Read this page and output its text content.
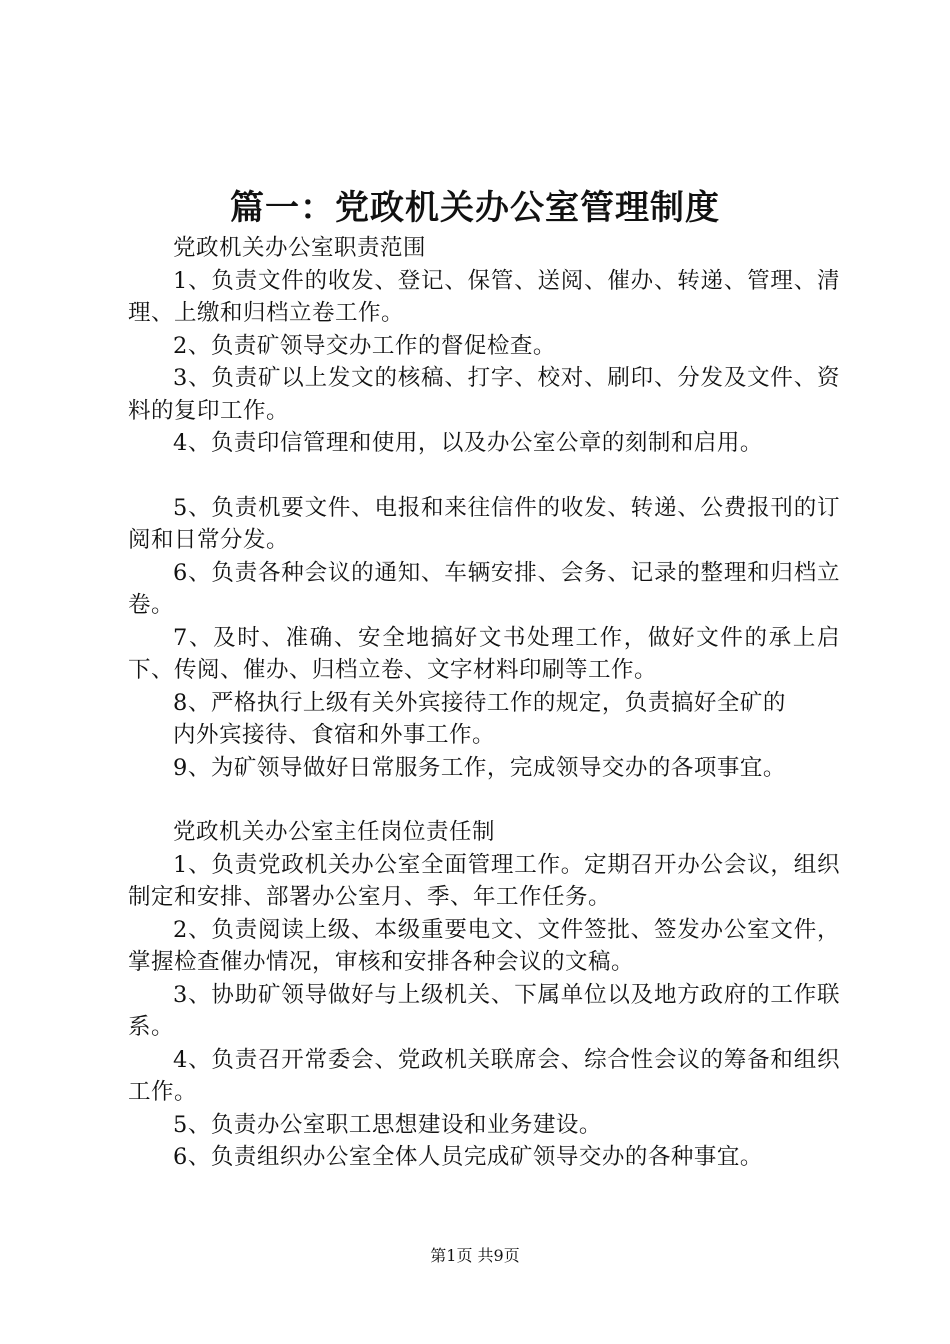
篇一：党政机关办公室管理制度

党政机关办公室职责范围

1、负责文件的收发、登记、保管、送阅、催办、转递、管理、清理、上缴和归档立卷工作。

2、负责矿领导交办工作的督促检查。

3、负责矿以上发文的核稿、打字、校对、刷印、分发及文件、资料的复印工作。

4、负责印信管理和使用，以及办公室公章的刻制和启用。

5、负责机要文件、电报和来往信件的收发、转递、公费报刊的订阅和日常分发。

6、负责各种会议的通知、车辆安排、会务、记录的整理和归档立卷。

7、及时、准确、安全地搞好文书处理工作，做好文件的承上启下、传阅、催办、归档立卷、文字材料印刷等工作。

8、严格执行上级有关外宾接待工作的规定，负责搞好全矿的

内外宾接待、食宿和外事工作。

9、为矿领导做好日常服务工作，完成领导交办的各项事宜。

党政机关办公室主任岗位责任制

1、负责党政机关办公室全面管理工作。定期召开办公会议，组织制定和安排、部署办公室月、季、年工作任务。

2、负责阅读上级、本级重要电文、文件签批、签发办公室文件，掌握检查催办情况，审核和安排各种会议的文稿。

3、协助矿领导做好与上级机关、下属单位以及地方政府的工作联系。

4、负责召开常委会、党政机关联席会、综合性会议的筹备和组织工作。

5、负责办公室职工思想建设和业务建设。

6、负责组织办公室全体人员完成矿领导交办的各种事宜。

第1页 共9页
